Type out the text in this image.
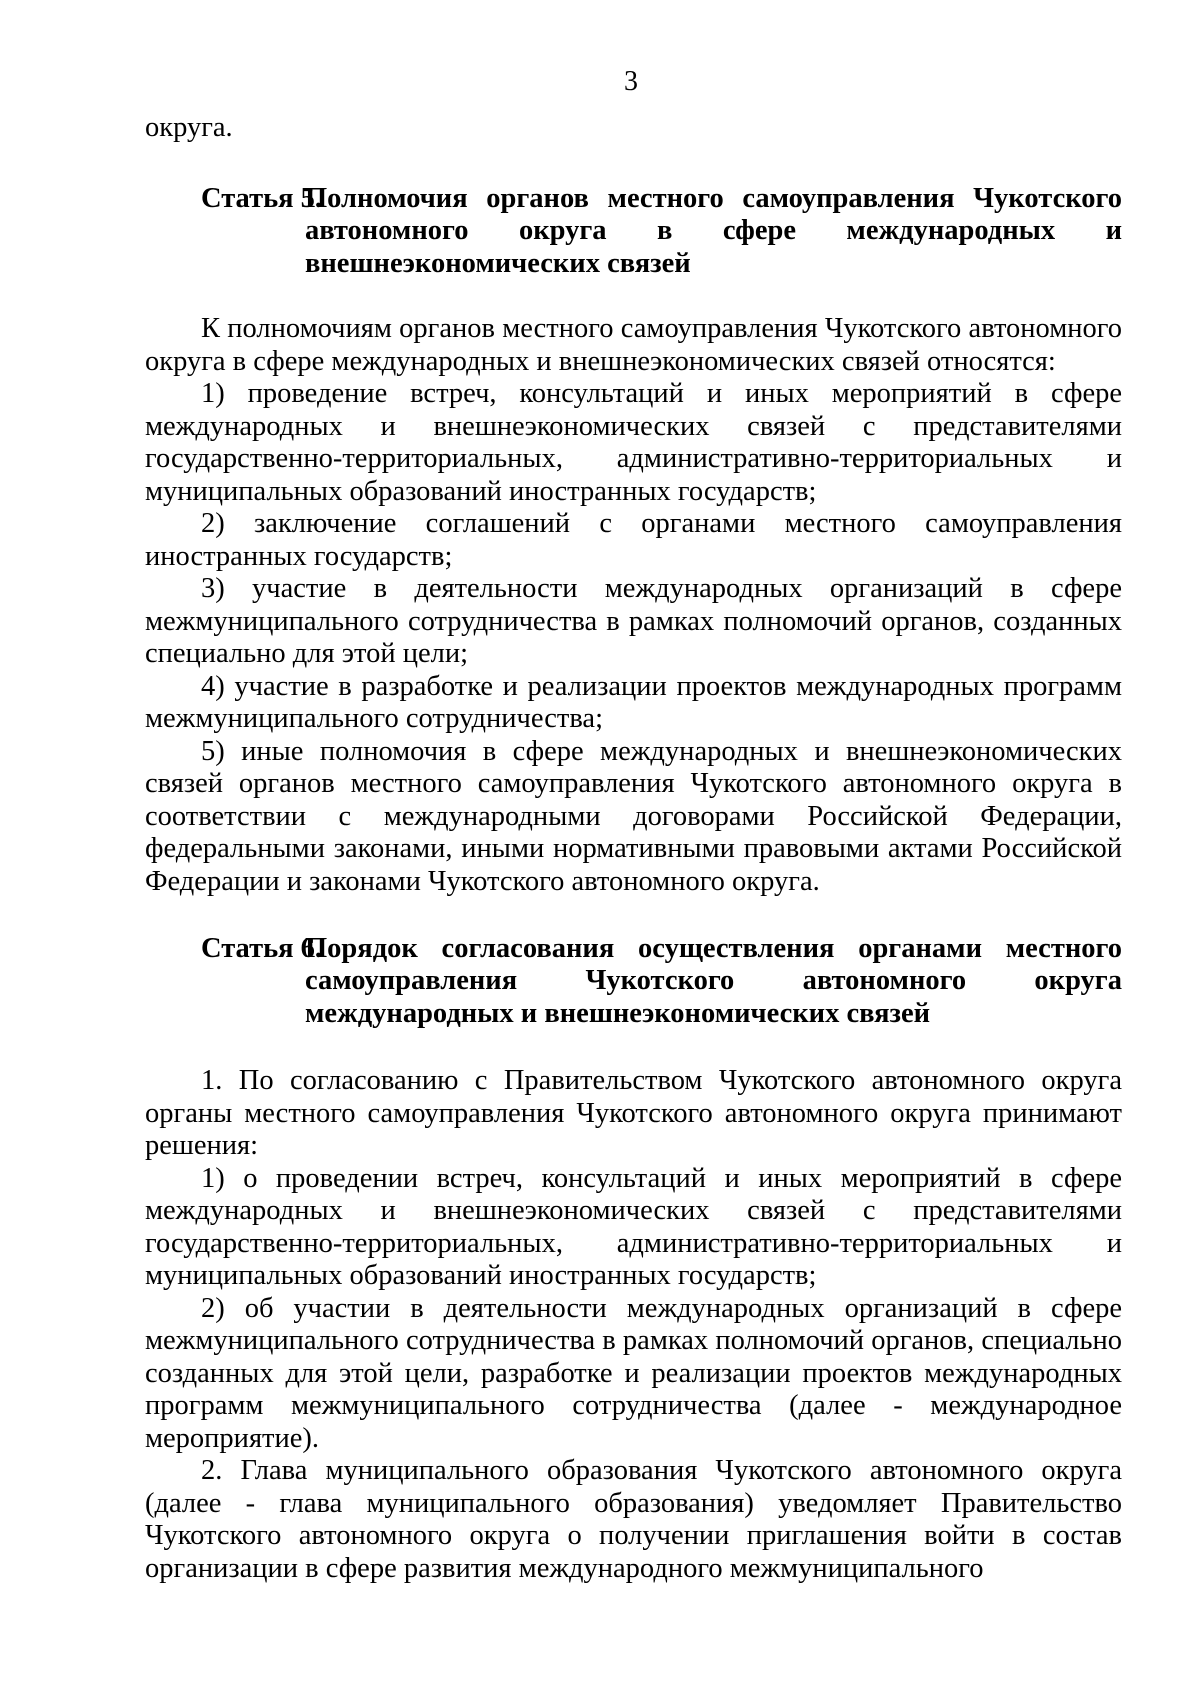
3
округа.
Статья 5.
Полномочия органов местного самоуправления Чукотского автономного округа в сфере международных и внешнеэкономических связей

К полномочиям органов местного самоуправления Чукотского автономного округа в сфере международных и внешнеэкономических связей относятся:

1) проведение встреч, консультаций и иных мероприятий в сфере международных и внешнеэкономических связей с представителями государственно-территориальных, административно-территориальных и муниципальных образований иностранных государств;

2) заключение соглашений с органами местного самоуправления иностранных государств;

3) участие в деятельности международных организаций в сфере межмуниципального сотрудничества в рамках полномочий органов, созданных специально для этой цели;

4) участие в разработке и реализации проектов международных программ межмуниципального сотрудничества;

5) иные полномочия в сфере международных и внешнеэкономических связей органов местного самоуправления Чукотского автономного округа в соответствии с международными договорами Российской Федерации, федеральными законами, иными нормативными правовыми актами Российской Федерации и законами Чукотского автономного округа.

Статья 6.
Порядок согласования осуществления органами местного самоуправления Чукотского автономного округа международных и внешнеэкономических связей

1. По согласованию с Правительством Чукотского автономного округа органы местного самоуправления Чукотского автономного округа принимают решения:

1) о проведении встреч, консультаций и иных мероприятий в сфере международных и внешнеэкономических связей с представителями государственно-территориальных, административно-территориальных и муниципальных образований иностранных государств;

2) об участии в деятельности международных организаций в сфере межмуниципального сотрудничества в рамках полномочий органов, специально созданных для этой цели, разработке и реализации проектов международных программ межмуниципального сотрудничества (далее - международное мероприятие).

2. Глава муниципального образования Чукотского автономного округа (далее - глава муниципального образования) уведомляет Правительство Чукотского автономного округа о получении приглашения войти в состав организации в сфере развития международного межмуниципального
